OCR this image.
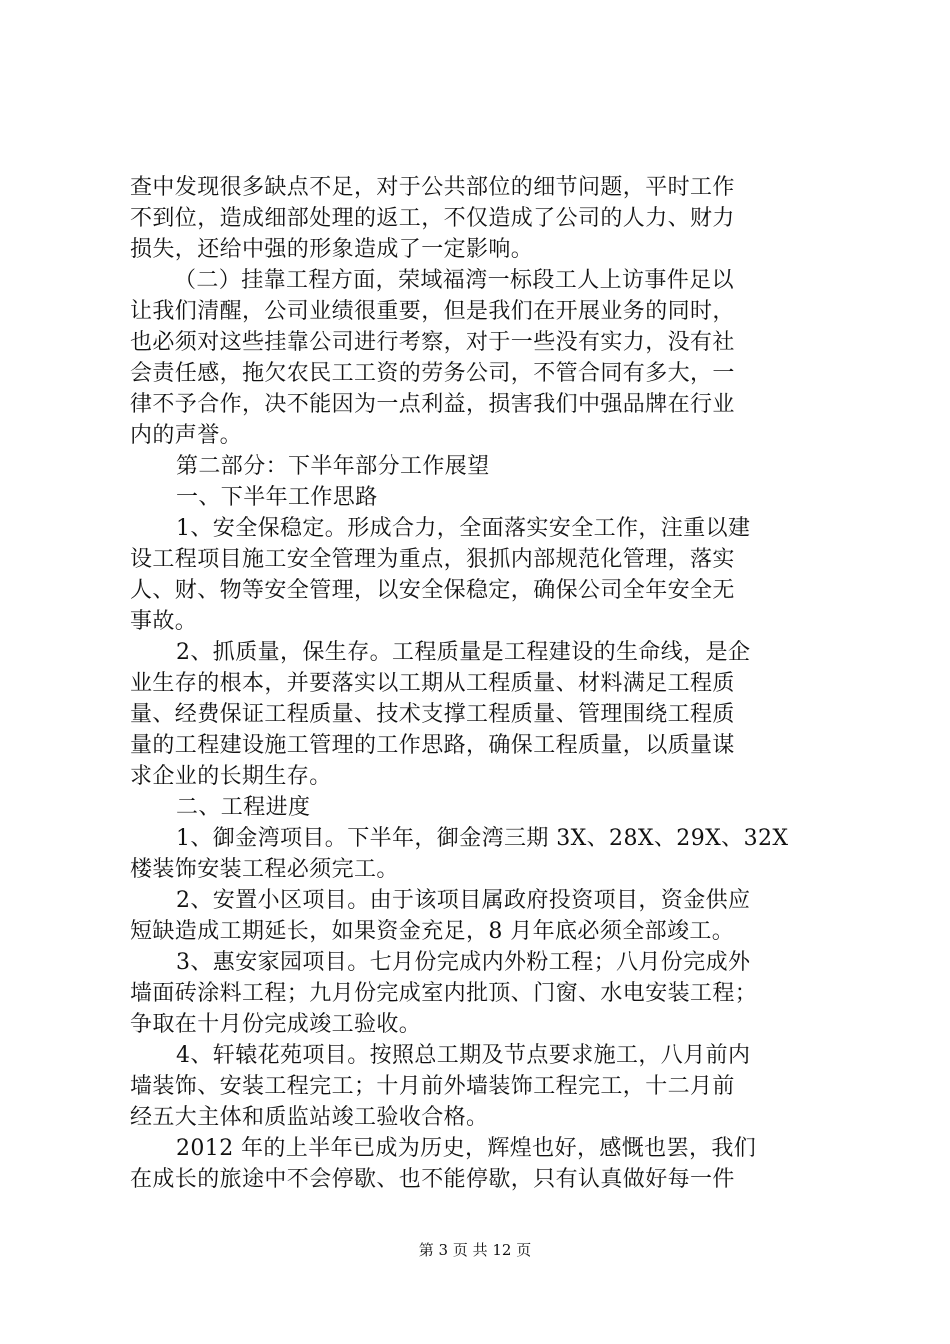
查中发现很多缺点不足，对于公共部位的细节问题，平时工作
不到位，造成细部处理的返工，不仅造成了公司的人力、财力
损失，还给中强的形象造成了一定影响。
（二）挂靠工程方面，荣域福湾一标段工人上访事件足以
让我们清醒，公司业绩很重要，但是我们在开展业务的同时，
也必须对这些挂靠公司进行考察，对于一些没有实力，没有社
会责任感，拖欠农民工工资的劳务公司，不管合同有多大，一
律不予合作，决不能因为一点利益，损害我们中强品牌在行业
内的声誉。
第二部分：下半年部分工作展望
一、下半年工作思路
1、安全保稳定。形成合力，全面落实安全工作，注重以建
设工程项目施工安全管理为重点，狠抓内部规范化管理，落实
人、财、物等安全管理，以安全保稳定，确保公司全年安全无
事故。
2、抓质量，保生存。工程质量是工程建设的生命线，是企
业生存的根本，并要落实以工期从工程质量、材料满足工程质
量、经费保证工程质量、技术支撑工程质量、管理围绕工程质
量的工程建设施工管理的工作思路，确保工程质量，以质量谋
求企业的长期生存。
二、工程进度
1、御金湾项目。下半年，御金湾三期 3X、28X、29X、32X
楼装饰安装工程必须完工。
2、安置小区项目。由于该项目属政府投资项目，资金供应
短缺造成工期延长，如果资金充足，8 月年底必须全部竣工。
3、惠安家园项目。七月份完成内外粉工程；八月份完成外
墙面砖涂料工程；九月份完成室内批顶、门窗、水电安装工程；
争取在十月份完成竣工验收。
4、轩辕花苑项目。按照总工期及节点要求施工，八月前内
墙装饰、安装工程完工；十月前外墙装饰工程完工，十二月前
经五大主体和质监站竣工验收合格。
2012 年的上半年已成为历史，辉煌也好，感慨也罢，我们
在成长的旅途中不会停歇、也不能停歇，只有认真做好每一件
第 3 页 共 12 页
